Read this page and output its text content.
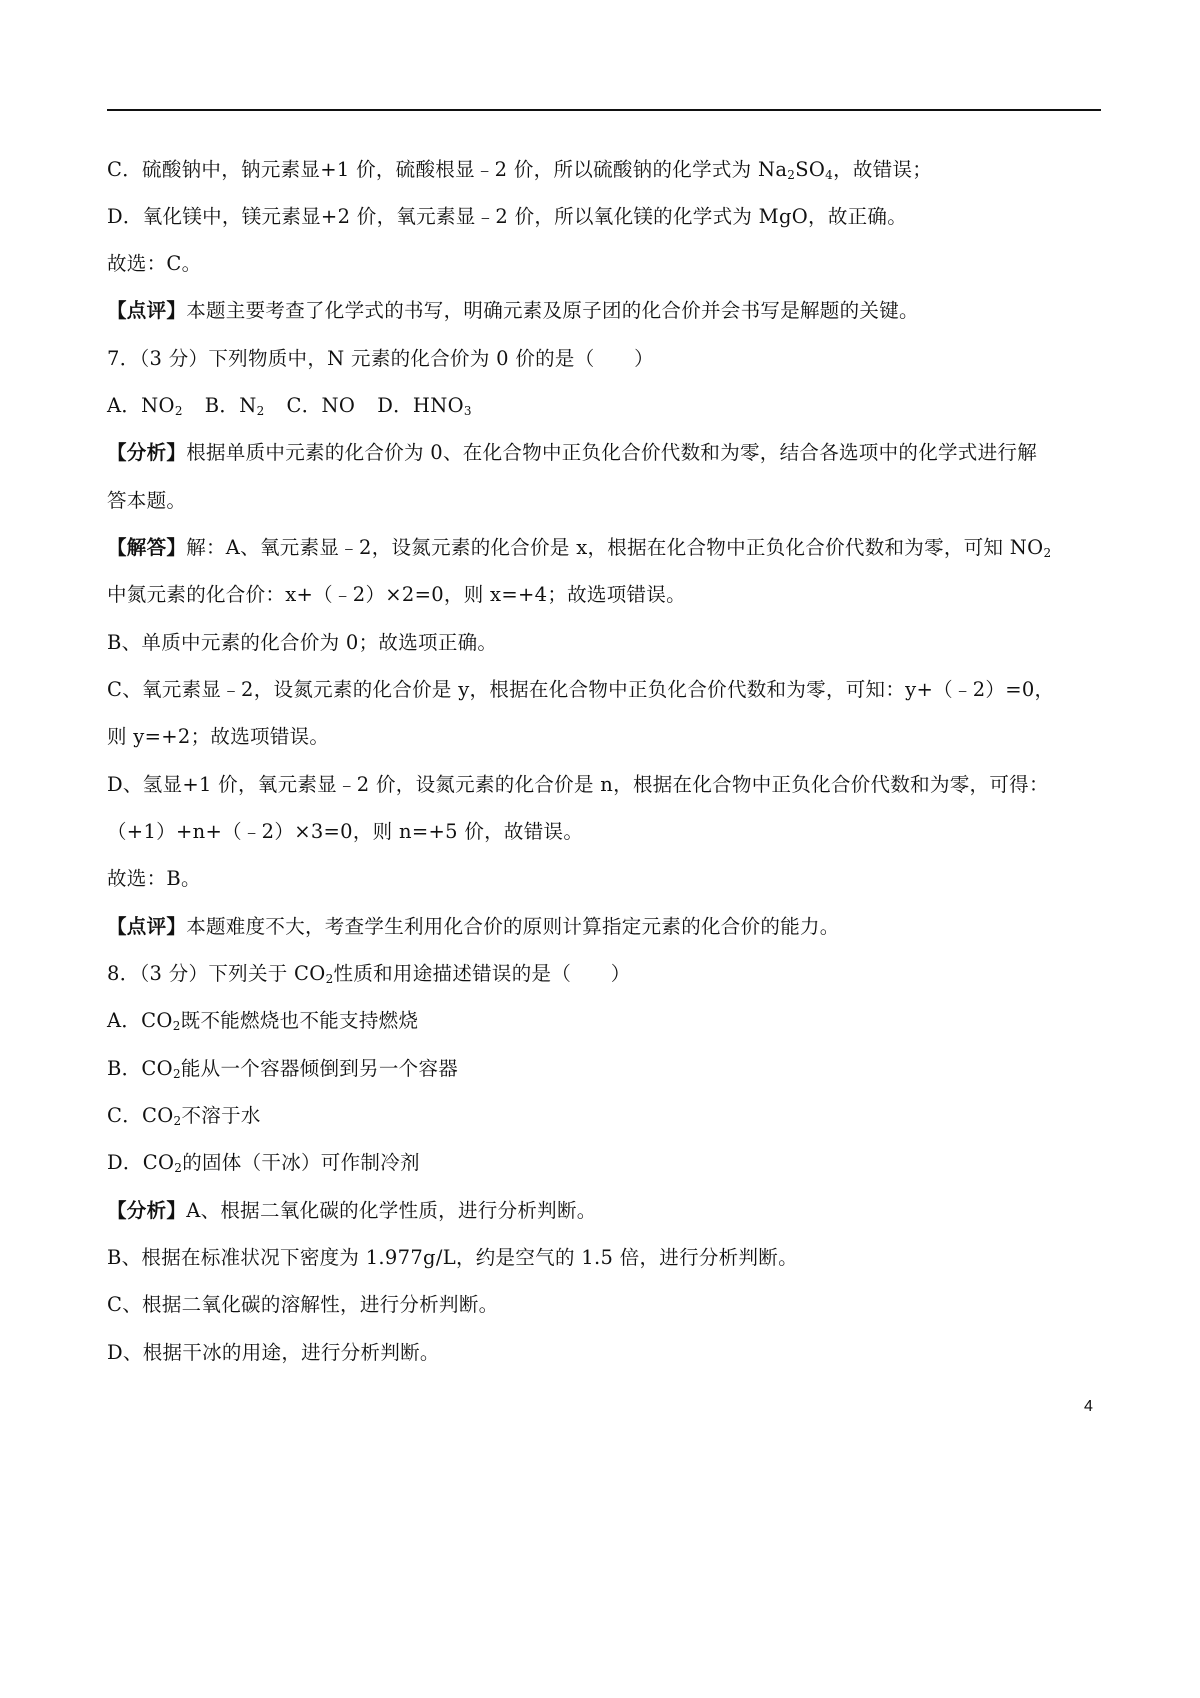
C．硫酸钠中，钠元素显+1 价，硫酸根显﹣2 价，所以硫酸钠的化学式为 $Na_2SO_4$，故错误；
D．氧化镁中，镁元素显+2 价，氧元素显﹣2 价，所以氧化镁的化学式为 MgO，故正确。
故选：C。
【点评】本题主要考查了化学式的书写，明确元素及原子团的化合价并会书写是解题的关键。
7．（3 分）下列物质中，N 元素的化合价为 0 价的是（　　）
A．$NO_2$ B．$N_2$ C．NO D．$HNO_3$
【分析】根据单质中元素的化合价为 0、在化合物中正负化合价代数和为零，结合各选项中的化学式进行解
答本题。
【解答】解：A、氧元素显﹣2，设氮元素的化合价是 x，根据在化合物中正负化合价代数和为零，可知 $NO_2$
中氮元素的化合价：x+（﹣2）×2=0，则 x=+4；故选项错误。
B、单质中元素的化合价为 0；故选项正确。
C、氧元素显﹣2，设氮元素的化合价是 y，根据在化合物中正负化合价代数和为零，可知：y+（﹣2）=0，
则 y=+2；故选项错误。
D、氢显+1 价，氧元素显﹣2 价，设氮元素的化合价是 n，根据在化合物中正负化合价代数和为零，可得：
（+1）+n+（﹣2）×3=0，则 n=+5 价，故错误。
故选：B。
【点评】本题难度不大，考查学生利用化合价的原则计算指定元素的化合价的能力。
8．（3 分）下列关于 $CO_2$性质和用途描述错误的是（　　）
A．$CO_2$既不能燃烧也不能支持燃烧
B．$CO_2$能从一个容器倾倒到另一个容器
C．$CO_2$不溶于水
D．$CO_2$的固体（干冰）可作制冷剂
【分析】A、根据二氧化碳的化学性质，进行分析判断。
B、根据在标准状况下密度为 1.977g/L，约是空气的 1.5 倍，进行分析判断。
C、根据二氧化碳的溶解性，进行分析判断。
D、根据干冰的用途，进行分析判断。
4
